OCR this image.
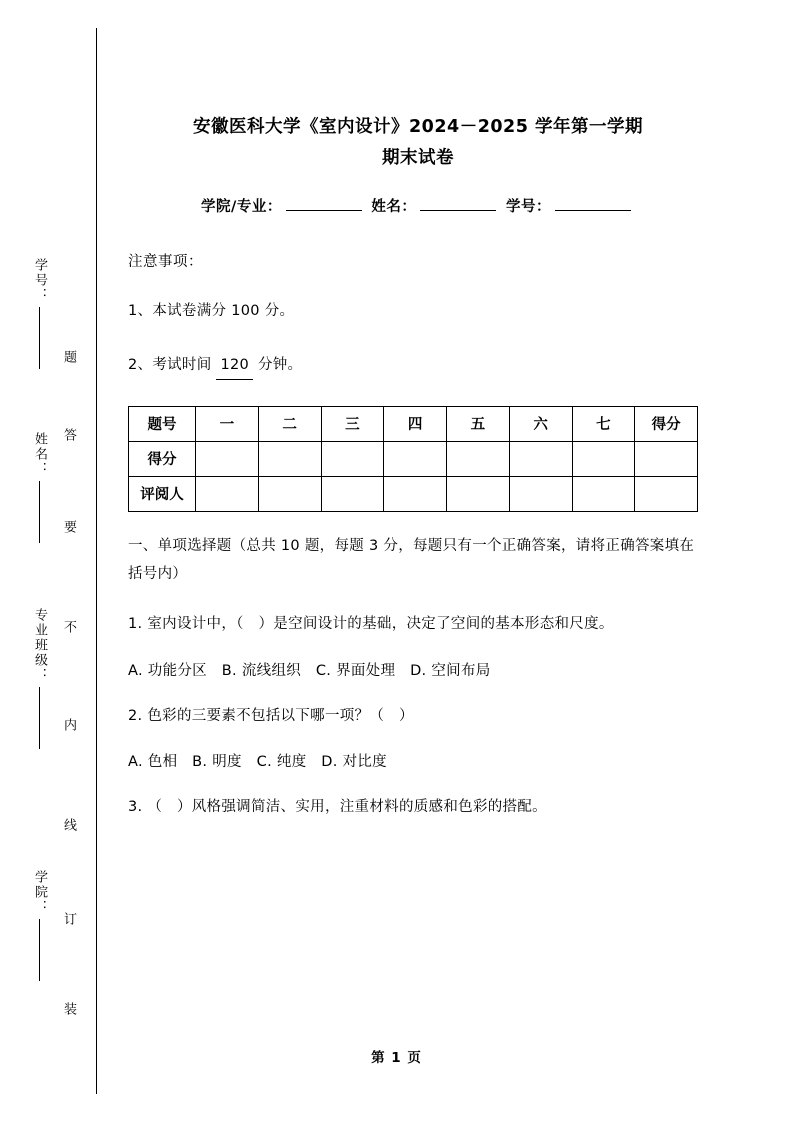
学号：
姓名：
专业班级：
学院：
题
答
要
不
内
线
订
装
安徽医科大学《室内设计》2024－2025 学年第一学期
期末试卷
学院/专业：	姓名：	学号：
注意事项：
1、本试卷满分 100 分。
2、考试时间 120 分钟。
题号	一	二	三	四	五	六	七	得分
得分								
评阅人								
一、单项选择题（总共 10 题，每题 3 分，每题只有一个正确答案，请将正确答案填在括号内）
1. 室内设计中，（　）是空间设计的基础，决定了空间的基本形态和尺度。
A. 功能分区　B. 流线组织　C. 界面处理　D. 空间布局
2. 色彩的三要素不包括以下哪一项？（　）
A. 色相　B. 明度　C. 纯度　D. 对比度
3. （　）风格强调简洁、实用，注重材料的质感和色彩的搭配。
第 1 页
